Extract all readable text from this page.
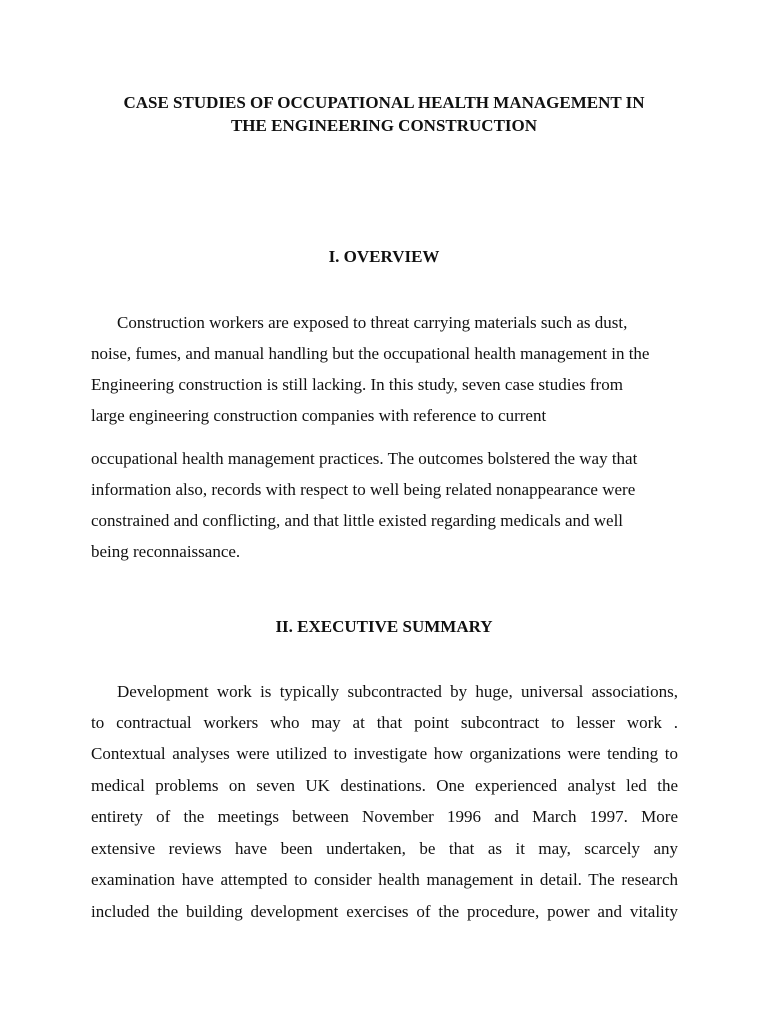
CASE STUDIES OF OCCUPATIONAL HEALTH MANAGEMENT IN
THE ENGINEERING CONSTRUCTION
I. OVERVIEW
Construction workers are exposed to threat carrying materials such as dust,
noise, fumes, and manual handling but the occupational health management in the
Engineering construction is still lacking. In this study, seven case studies from
large engineering construction companies with reference to current
occupational health management practices. The outcomes bolstered the way that
information also, records with respect to well being related nonappearance were
constrained and conflicting, and that little existed regarding medicals and well
being reconnaissance.
II. EXECUTIVE SUMMARY
Development work is typically subcontracted by huge, universal associations,
to contractual workers who may at that point subcontract to lesser work .
Contextual analyses were utilized to investigate how organizations were tending to
medical problems on seven UK destinations. One experienced analyst led the
entirety of the meetings between November 1996 and March 1997. More
extensive reviews have been undertaken, be that as it may, scarcely any
examination have attempted to consider health management in detail. The research
included the building development exercises of the procedure, power and vitality
